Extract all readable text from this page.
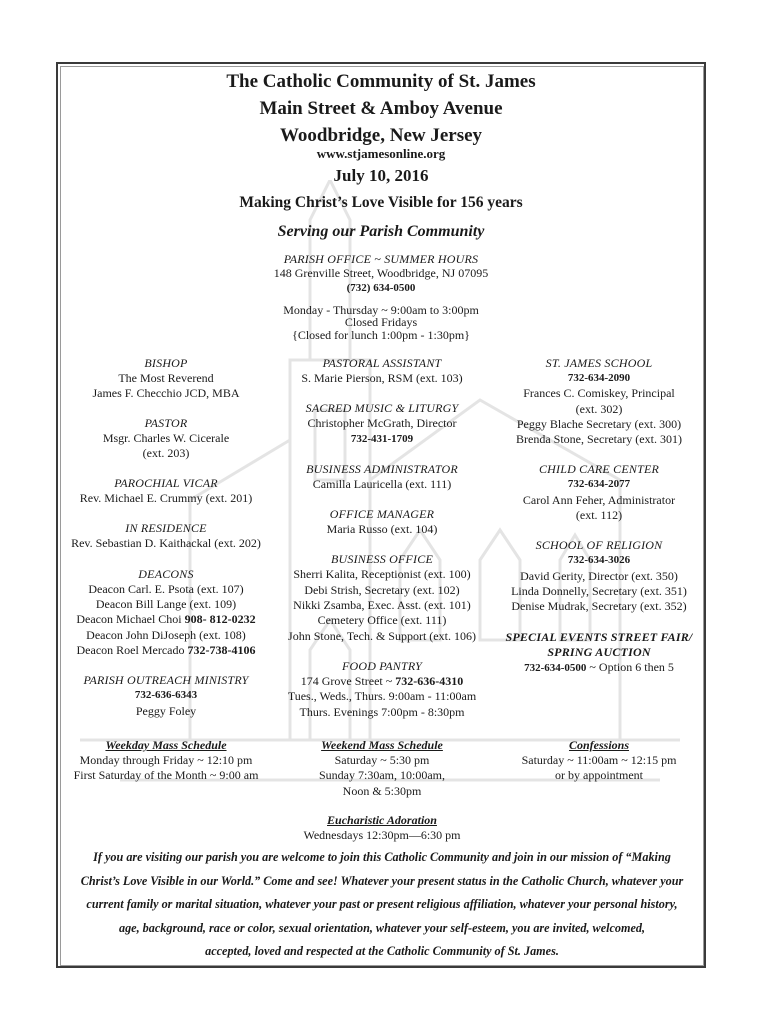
The Catholic Community of St. James
Main Street & Amboy Avenue
Woodbridge, New Jersey
www.stjamesonline.org
July 10, 2016
Making Christ’s Love Visible for 156 years
Serving our Parish Community
PARISH OFFICE ~ SUMMER HOURS
148 Grenville Street, Woodbridge, NJ 07095
(732) 634-0500
Monday - Thursday ~ 9:00am to 3:00pm
Closed Fridays
{Closed for lunch 1:00pm - 1:30pm}
BISHOP
The Most Reverend
James F. Checchio JCD, MBA
PASTOR
Msgr. Charles W. Cicerale
(ext. 203)
PAROCHIAL VICAR
Rev. Michael E. Crummy (ext. 201)
IN RESIDENCE
Rev. Sebastian D. Kaithackal (ext. 202)
DEACONS
Deacon Carl. E. Psota (ext. 107)
Deacon Bill Lange (ext. 109)
Deacon Michael Choi 908- 812-0232
Deacon John DiJoseph (ext. 108)
Deacon Roel Mercado 732-738-4106
PARISH OUTREACH MINISTRY
732-636-6343
Peggy Foley
PASTORAL ASSISTANT
S. Marie Pierson, RSM (ext. 103)
SACRED MUSIC & LITURGY
Christopher McGrath, Director
732-431-1709
BUSINESS ADMINISTRATOR
Camilla Lauricella (ext. 111)
OFFICE MANAGER
Maria Russo (ext. 104)
BUSINESS OFFICE
Sherri Kalita, Receptionist (ext. 100)
Debi Strish, Secretary (ext. 102)
Nikki Zsamba, Exec. Asst. (ext. 101)
Cemetery Office (ext. 111)
John Stone, Tech. & Support (ext. 106)
FOOD PANTRY
174 Grove Street ~ 732-636-4310
Tues., Weds., Thurs. 9:00am - 11:00am
Thurs. Evenings 7:00pm - 8:30pm
ST. JAMES SCHOOL
732-634-2090
Frances C. Comiskey, Principal
(ext. 302)
Peggy Blache Secretary (ext. 300)
Brenda Stone, Secretary (ext. 301)
CHILD CARE CENTER
732-634-2077
Carol Ann Feher, Administrator
(ext. 112)
SCHOOL OF RELIGION
732-634-3026
David Gerity, Director (ext. 350)
Linda Donnelly, Secretary (ext. 351)
Denise Mudrak, Secretary (ext. 352)
SPECIAL EVENTS STREET FAIR/
SPRING AUCTION
732-634-0500 ~ Option 6 then 5
Weekday Mass Schedule
Monday through Friday ~ 12:10 pm
First Saturday of the Month ~ 9:00 am
Weekend Mass Schedule
Saturday ~ 5:30 pm
Sunday 7:30am, 10:00am,
Noon & 5:30pm
Confessions
Saturday ~ 11:00am ~ 12:15 pm
or by appointment
Eucharistic Adoration
Wednesdays 12:30pm—6:30 pm
If you are visiting our parish you are welcome to join this Catholic Community and join in our mission of “Making
Christ’s Love Visible in our World.” Come and see! Whatever your present status in the Catholic Church, whatever your
current family or marital situation, whatever your past or present religious affiliation, whatever your personal history,
age, background, race or color, sexual orientation, whatever your self-esteem, you are invited, welcomed,
accepted, loved and respected at the Catholic Community of St. James.
